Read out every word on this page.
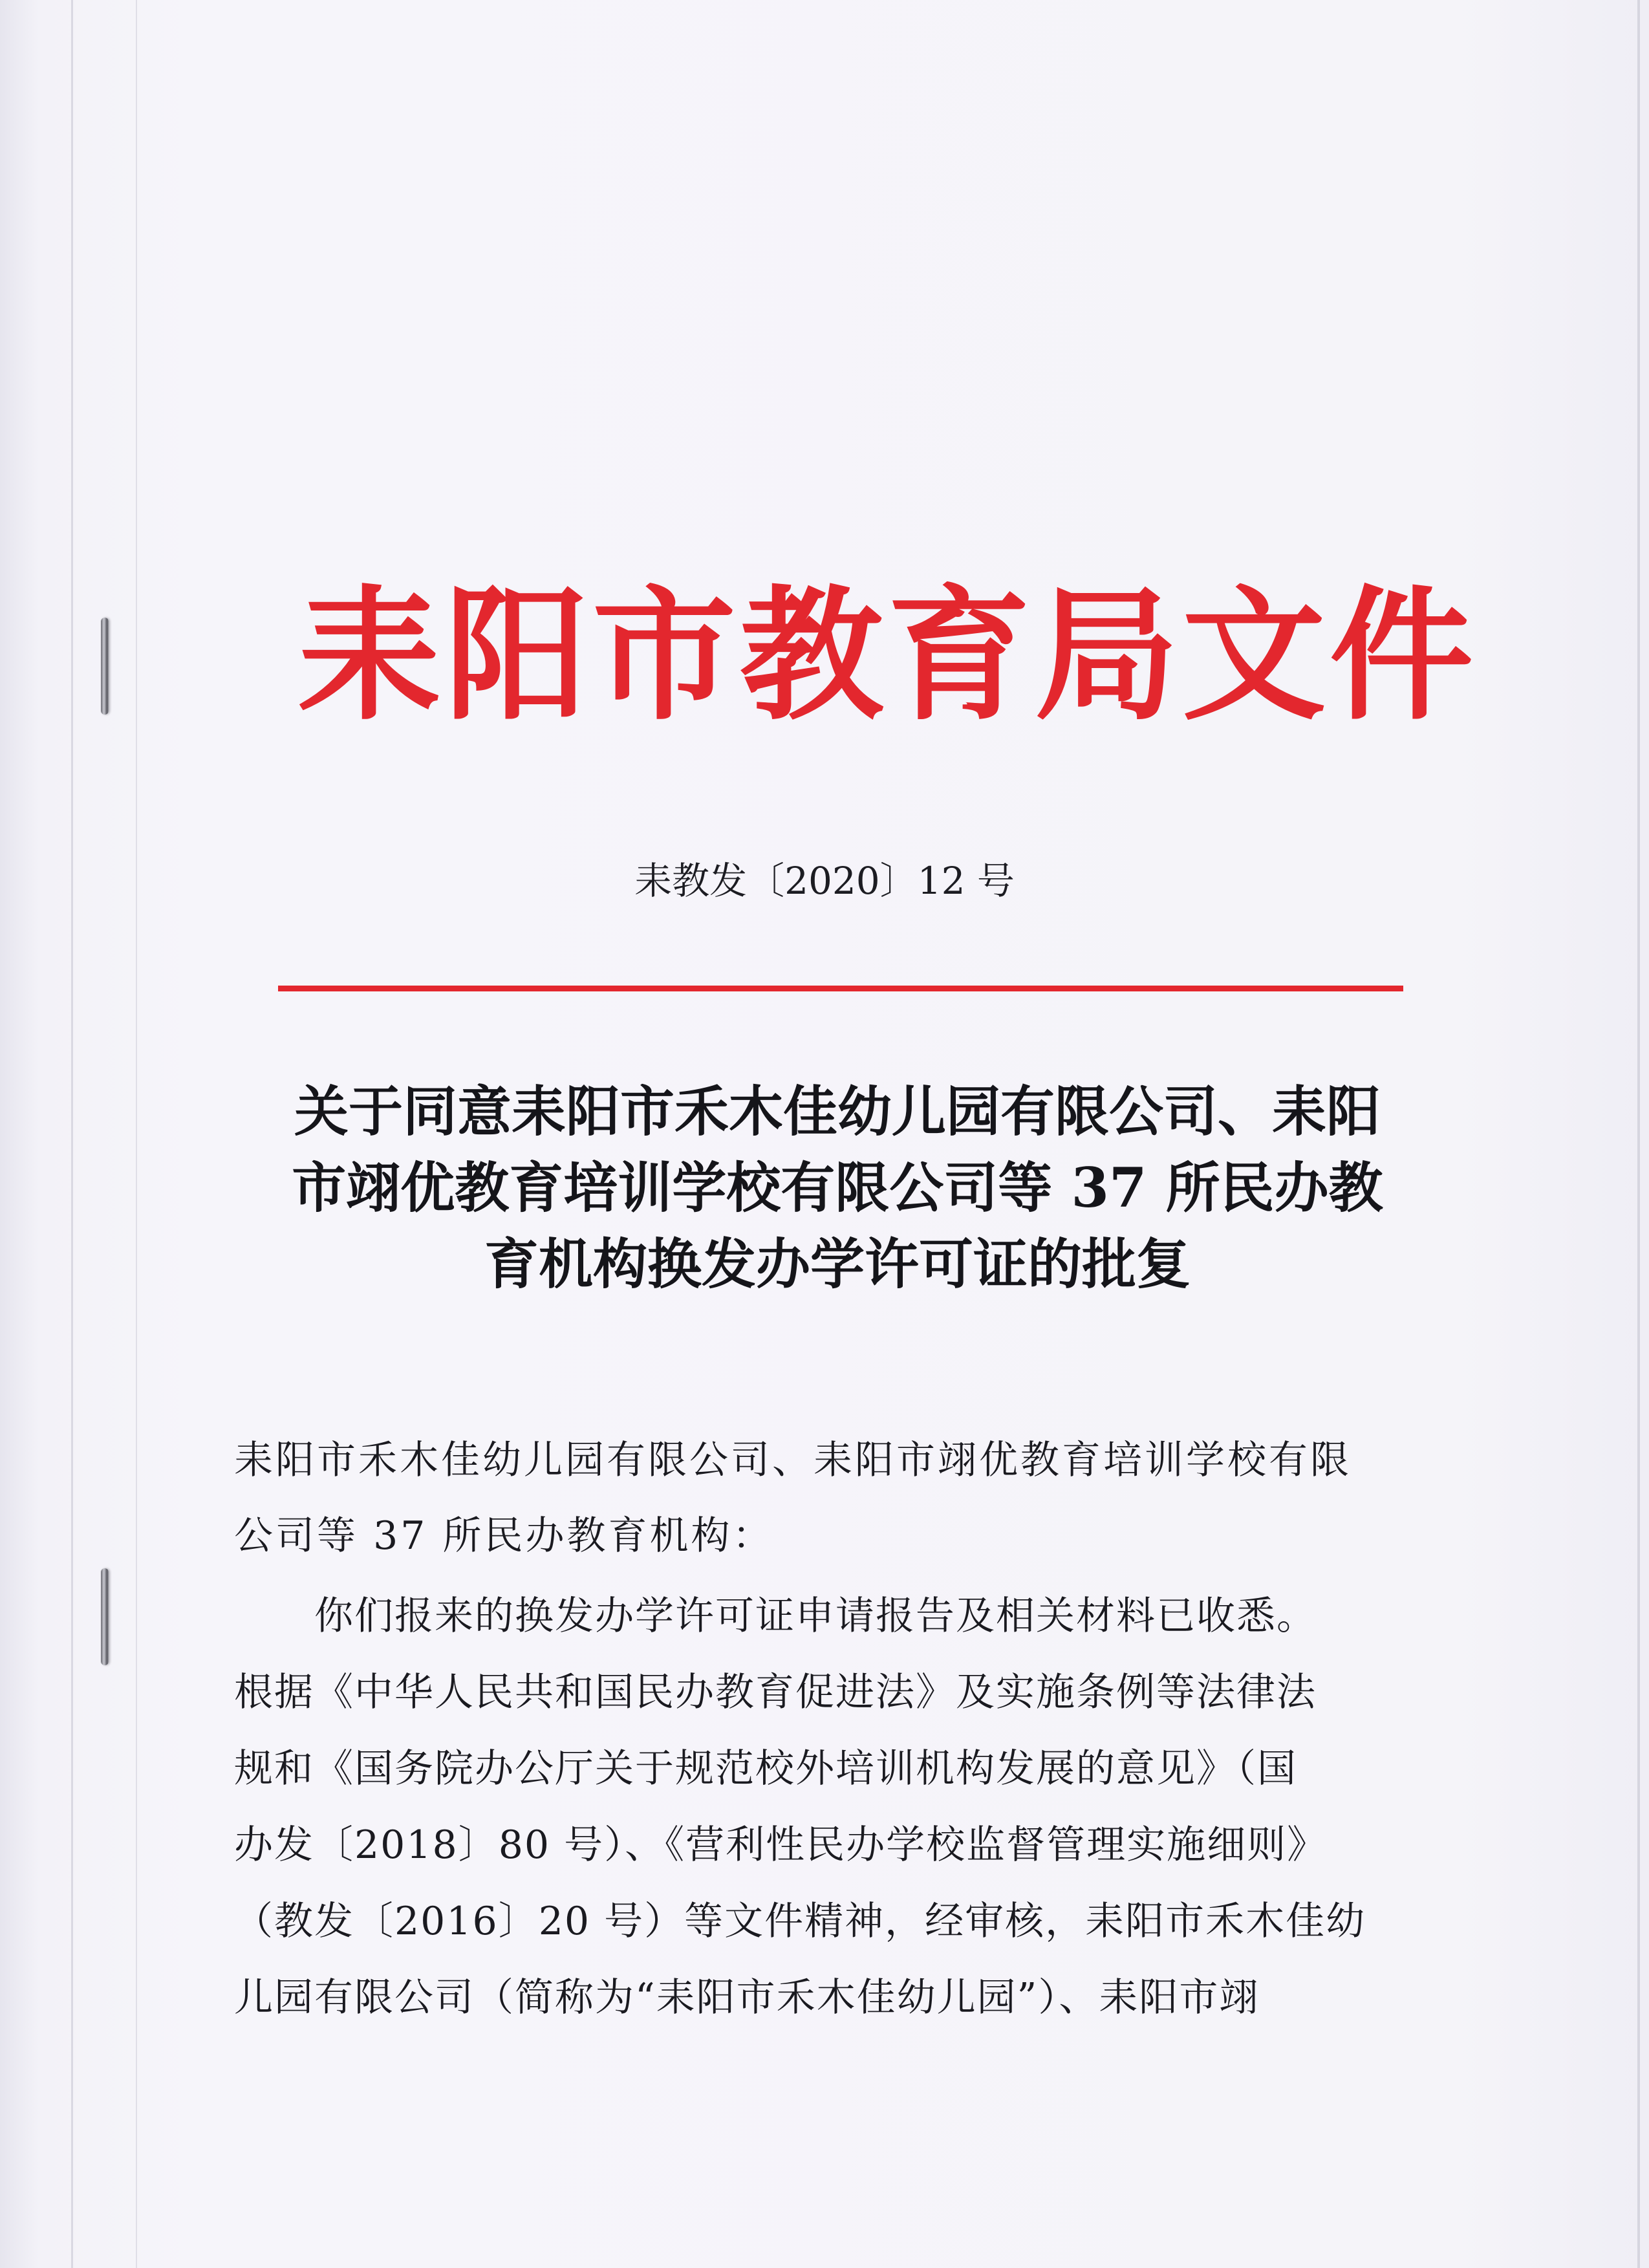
耒阳市教育局文件
耒教发〔2020〕12 号
关于同意耒阳市禾木佳幼儿园有限公司、耒阳
市翊优教育培训学校有限公司等 37 所民办教
育机构换发办学许可证的批复
耒阳市禾木佳幼儿园有限公司、耒阳市翊优教育培训学校有限
公司等 37 所民办教育机构：
你们报来的换发办学许可证申请报告及相关材料已收悉。
根据《中华人民共和国民办教育促进法》及实施条例等法律法
规和《国务院办公厅关于规范校外培训机构发展的意见》（国
办发〔2018〕80 号）、《营利性民办学校监督管理实施细则》
（教发〔2016〕20 号）等文件精神，经审核，耒阳市禾木佳幼
儿园有限公司（简称为“耒阳市禾木佳幼儿园”）、耒阳市翊
